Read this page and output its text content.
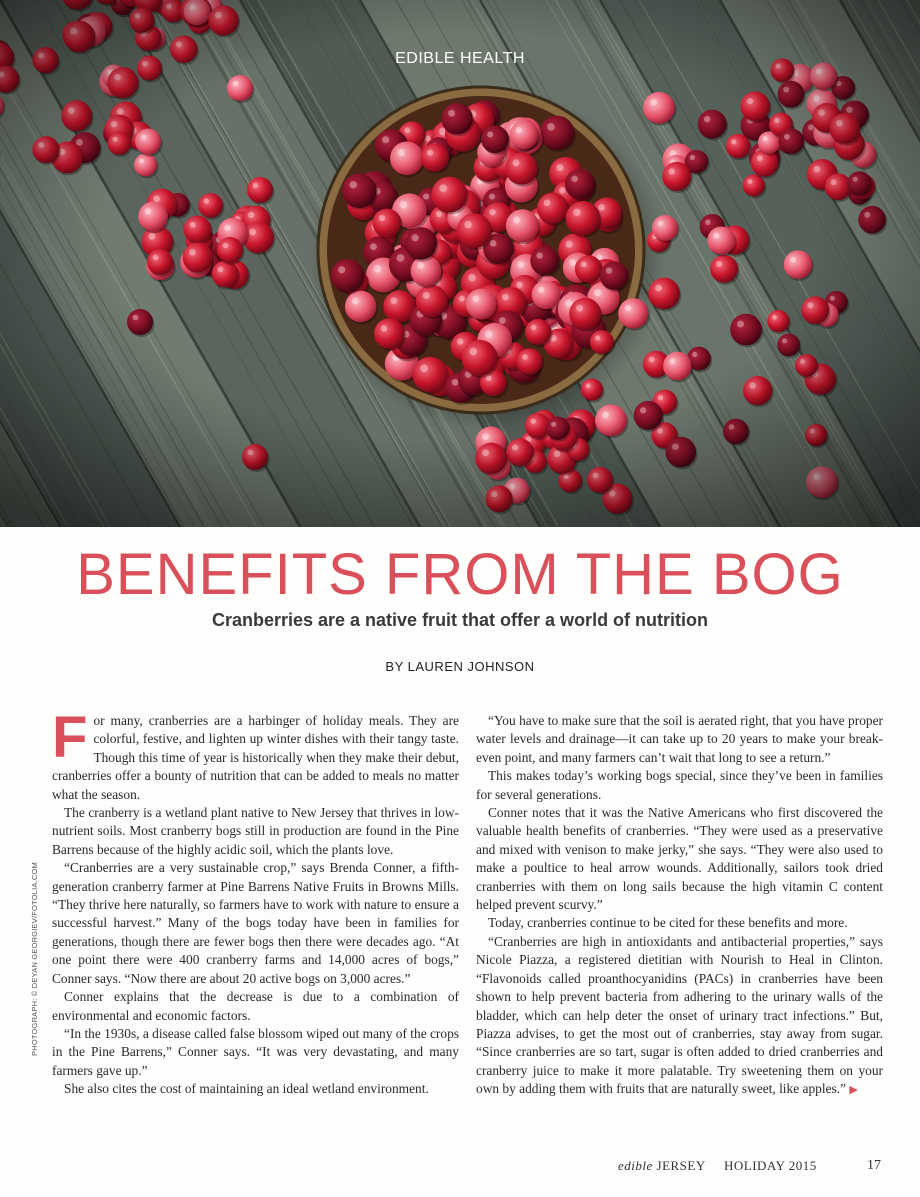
EDIBLE HEALTH
BENEFITS FROM THE BOG
Cranberries are a native fruit that offer a world of nutrition
BY LAUREN JOHNSON
PHOTOGRAPH: © DEYAN GEORGIEV/FOTOLIA.COM

For many, cranberries are a harbinger of holiday meals. They are colorful, festive, and lighten up winter dishes with their tangy taste. Though this time of year is historically when they make their debut, cranberries offer a bounty of nutrition that can be added to meals no matter what the season.

The cranberry is a wetland plant native to New Jersey that thrives in low-nutrient soils. Most cranberry bogs still in production are found in the Pine Barrens because of the highly acidic soil, which the plants love.

“Cranberries are a very sustainable crop,” says Brenda Conner, a fifth-generation cranberry farmer at Pine Barrens Native Fruits in Browns Mills. “They thrive here naturally, so farmers have to work with nature to ensure a successful harvest.” Many of the bogs today have been in families for generations, though there are fewer bogs then there were decades ago. “At one point there were 400 cranberry farms and 14,000 acres of bogs,” Conner says. “Now there are about 20 active bogs on 3,000 acres.”

Conner explains that the decrease is due to a combination of environmental and economic factors.

“In the 1930s, a disease called false blossom wiped out many of the crops in the Pine Barrens,” Conner says. “It was very devastating, and many farmers gave up.”

She also cites the cost of maintaining an ideal wetland environment.

“You have to make sure that the soil is aerated right, that you have proper water levels and drainage—it can take up to 20 years to make your break-even point, and many farmers can’t wait that long to see a return.”

This makes today’s working bogs special, since they’ve been in families for several generations.

Conner notes that it was the Native Americans who first discovered the valuable health benefits of cranberries. “They were used as a preservative and mixed with venison to make jerky,” she says. “They were also used to make a poultice to heal arrow wounds. Additionally, sailors took dried cranberries with them on long sails because the high vitamin C content helped prevent scurvy.”

Today, cranberries continue to be cited for these benefits and more.

“Cranberries are high in antioxidants and antibacterial properties,” says Nicole Piazza, a registered dietitian with Nourish to Heal in Clinton. “Flavonoids called proanthocyanidins (PACs) in cranberries have been shown to help prevent bacteria from adhering to the urinary walls of the bladder, which can help deter the onset of urinary tract infections.” But, Piazza advises, to get the most out of cranberries, stay away from sugar. “Since cranberries are so tart, sugar is often added to dried cranberries and cranberry juice to make it more palatable. Try sweetening them on your own by adding them with fruits that are naturally sweet, like apples.” ▶

edible JERSEY HOLIDAY 2015	17
